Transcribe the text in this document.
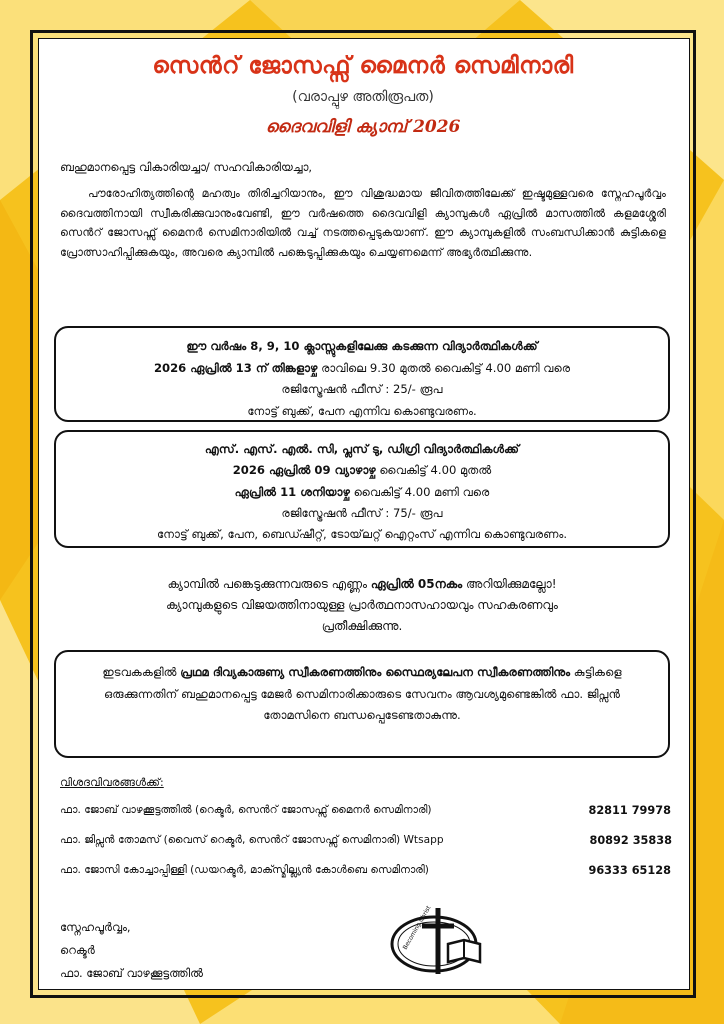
സെൻറ് ജോസഫ്സ് മൈനർ സെമിനാരി
(വരാപ്പുഴ അതിരൂപത)
ദൈവവിളി ക്യാമ്പ് 2026
ബഹുമാനപ്പെട്ട വികാരിയച്ചാ/ സഹവികാരിയച്ചാ,
പൗരോഹിത്യത്തിന്റെ മഹത്വം തിരിച്ചറിയാനും, ഈ വിശുദ്ധമായ ജീവിതത്തിലേക്ക് ഇഷ്ടമുള്ളവരെ സ്നേഹപൂർവ്വം ദൈവത്തിനായി സ്വീകരിക്കുവാനുംവേണ്ടി, ഈ വർഷത്തെ ദൈവവിളി ക്യാമ്പുകൾ ഏപ്രിൽ മാസത്തിൽ കളമശ്ശേരി സെൻറ് ജോസഫ്സ് മൈനർ സെമിനാരിയിൽ വച്ച് നടത്തപ്പെടുകയാണ്. ഈ ക്യാമ്പുകളിൽ സംബന്ധിക്കാൻ കുട്ടികളെ പ്രോത്സാഹിപ്പിക്കുകയും, അവരെ ക്യാമ്പിൽ പങ്കെടുപ്പിക്കുകയും ചെയ്യണമെന്ന് അഭ്യർത്ഥിക്കുന്നു.
ഈ വർഷം 8, 9, 10 ക്ലാസ്സുകളിലേക്കു കടക്കുന്ന വിദ്യാർത്ഥികൾക്ക്
2026 ഏപ്രിൽ 13 ന് തിങ്കളാഴ്ച രാവിലെ 9.30 മുതൽ വൈകിട്ട് 4.00 മണി വരെ
രജിസ്ട്രേഷൻ ഫീസ് : 25/- രൂപ
നോട്ട് ബുക്ക്, പേന എന്നിവ കൊണ്ടുവരണം.
എസ്. എസ്. എൽ. സി, പ്ലസ് ടു, ഡിഗ്രി വിദ്യാർത്ഥികൾക്ക്
2026 ഏപ്രിൽ 09 വ്യാഴാഴ്ച വൈകിട്ട് 4.00 മുതൽ
ഏപ്രിൽ 11 ശനിയാഴ്ച വൈകിട്ട് 4.00 മണി വരെ
രജിസ്ട്രേഷൻ ഫീസ് : 75/- രൂപ
നോട്ട് ബുക്ക്, പേന, ബെഡ്ഷീറ്റ്, ടോയ്‌ലറ്റ് ഐറ്റംസ് എന്നിവ കൊണ്ടുവരണം.
ക്യാമ്പിൽ പങ്കെടുക്കുന്നവരുടെ എണ്ണം ഏപ്രിൽ 05നകം അറിയിക്കുമല്ലോ!
ക്യാമ്പുകളുടെ വിജയത്തിനായുള്ള പ്രാർത്ഥനാസഹായവും സഹകരണവും
പ്രതീക്ഷിക്കുന്നു.
ഇടവകകളിൽ പ്രഥമ ദിവ്യകാരുണ്യ സ്വീകരണത്തിനും സ്ഥൈര്യലേപന സ്വീകരണത്തിനും കുട്ടികളെ ഒരുക്കുന്നതിന് ബഹുമാനപ്പെട്ട മേജർ സെമിനാരിക്കാരുടെ സേവനം ആവശ്യമുണ്ടെങ്കിൽ ഫാ. ജിപ്സൻ തോമസിനെ ബന്ധപ്പെടേണ്ടതാകുന്നു.
വിശദവിവരങ്ങൾക്ക്:
ഫാ. ജോബ് വാഴക്കൂട്ടത്തിൽ (റെക്ടർ, സെൻറ് ജോസഫ്സ് മൈനർ സെമിനാരി)	82811 79978
ഫാ. ജിപ്സൻ തോമസ് (വൈസ് റെക്ടർ, സെൻറ് ജോസഫ്സ് സെമിനാരി) Wtsapp	80892 35838
ഫാ. ജോസി കോച്ചാപ്പിള്ളി (ഡയറക്ടർ, മാക്സ്മില്ല്യൻ കോൾബെ സെമിനാരി)	96333 65128
സ്നേഹപൂർവ്വം,
റെക്ടർ
ഫാ. ജോബ് വാഴക്കൂട്ടത്തിൽ
Becoming Christ
